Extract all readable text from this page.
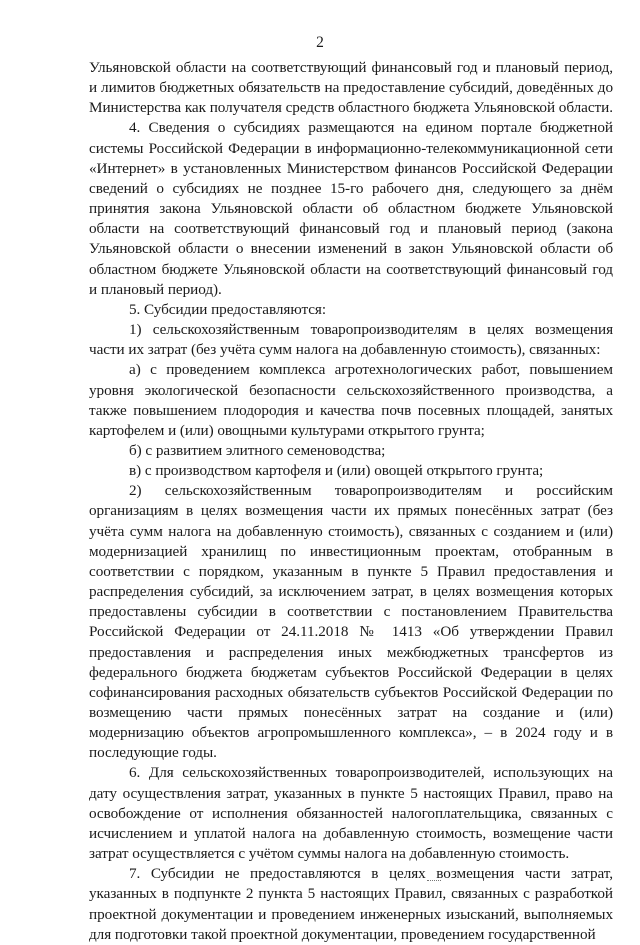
2

Ульяновской области на соответствующий финансовый год и плановый период, и лимитов бюджетных обязательств на предоставление субсидий, доведённых до Министерства как получателя средств областного бюджета Ульяновской области.

4. Сведения о субсидиях размещаются на едином портале бюджетной системы Российской Федерации в информационно-телекоммуникационной сети «Интернет» в установленных Министерством финансов Российской Федерации сведений о субсидиях не позднее 15-го рабочего дня, следующего за днём принятия закона Ульяновской области об областном бюджете Ульяновской области на соответствующий финансовый год и плановый период (закона Ульяновской области о внесении изменений в закон Ульяновской области об областном бюджете Ульяновской области на соответствующий финансовый год и плановый период).

5. Субсидии предоставляются:

1) сельскохозяйственным товаропроизводителям в целях возмещения части их затрат (без учёта сумм налога на добавленную стоимость), связанных:

а) с проведением комплекса агротехнологических работ, повышением уровня экологической безопасности сельскохозяйственного производства, а также повышением плодородия и качества почв посевных площадей, занятых картофелем и (или) овощными культурами открытого грунта;

б) с развитием элитного семеноводства;

в) с производством картофеля и (или) овощей открытого грунта;

2) сельскохозяйственным товаропроизводителям и российским организациям в целях возмещения части их прямых понесённых затрат (без учёта сумм налога на добавленную стоимость), связанных с созданием и (или) модернизацией хранилищ по инвестиционным проектам, отобранным в соответствии с порядком, указанным в пункте 5 Правил предоставления и распределения субсидий, за исключением затрат, в целях возмещения которых предоставлены субсидии в соответствии с постановлением Правительства Российской Федерации от 24.11.2018 № 1413 «Об утверждении Правил предоставления и распределения иных межбюджетных трансфертов из федерального бюджета бюджетам субъектов Российской Федерации в целях софинансирования расходных обязательств субъектов Российской Федерации по возмещению части прямых понесённых затрат на создание и (или) модернизацию объектов агропромышленного комплекса», – в 2024 году и в последующие годы.

6. Для сельскохозяйственных товаропроизводителей, использующих на дату осуществления затрат, указанных в пункте 5 настоящих Правил, право на освобождение от исполнения обязанностей налогоплательщика, связанных с исчислением и уплатой налога на добавленную стоимость, возмещение части затрат осуществляется с учётом суммы налога на добавленную стоимость.

7. Субсидии не предоставляются в целях возмещения части затрат, указанных в подпункте 2 пункта 5 настоящих Правил, связанных с разработкой проектной документации и проведением инженерных изысканий, выполняемых для подготовки такой проектной документации, проведением государственной
